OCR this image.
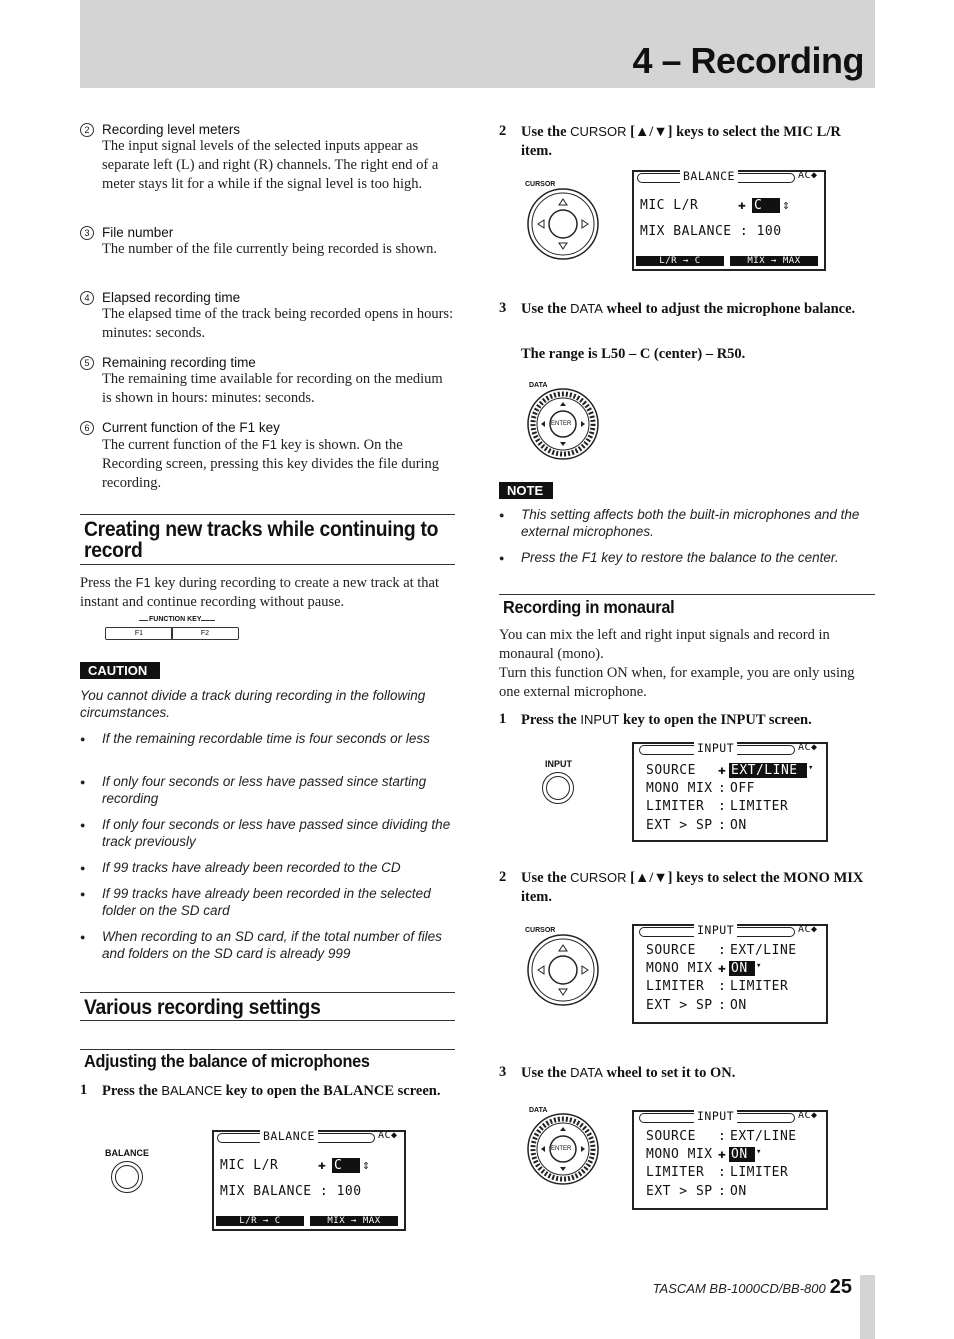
4 – Recording
2 Recording level meters
The input signal levels of the selected inputs appear as separate left (L) and right (R) channels. The right end of a meter stays lit for a while if the signal level is too high.
3 File number
The number of the file currently being recorded is shown.
4 Elapsed recording time
The elapsed time of the track being recorded opens in hours: minutes: seconds.
5 Remaining recording time
The remaining time available for recording on the medium is shown in hours: minutes: seconds.
6 Current function of the F1 key
The current function of the F1 key is shown. On the Recording screen, pressing this key divides the file during recording.
Creating new tracks while continuing to record
Press the F1 key during recording to create a new track at that instant and continue recording without pause.
FUNCTION KEY
F1	F2
CAUTION
You cannot divide a track during recording in the following circumstances.
● If the remaining recordable time is four seconds or less
● If only four seconds or less have passed since starting recording
● If only four seconds or less have passed since dividing the track previously
● If 99 tracks have already been recorded to the CD
● If 99 tracks have already been recorded in the selected folder on the SD card
● When recording to an SD card, if the total number of files and folders on the SD card is already 999
Various recording settings
Adjusting the balance of microphones
1 Press the BALANCE key to open the BALANCE screen.
BALANCE
BALANCE	AC◆
MIC L/R	✚ C	⇕
MIX BALANCE : 100
L/R → C	MIX → MAX
2 Use the CURSOR [▲/▼] keys to select the MIC L/R item.
CURSOR
BALANCE	AC◆
MIC L/R	✚ C	⇕
MIX BALANCE : 100
L/R → C	MIX → MAX
3 Use the DATA wheel to adjust the microphone balance.
The range is L50 – C (center) – R50.
DATA
ENTER
NOTE
● This setting affects both the built-in microphones and the external microphones.
● Press the F1 key to restore the balance to the center.
Recording in monaural
You can mix the left and right input signals and record in monaural (mono).
Turn this function ON when, for example, you are only using one external microphone.
1 Press the INPUT key to open the INPUT screen.
INPUT
INPUT	AC◆
SOURCE ✚ EXT/LINE	▾
MONO MIX : OFF
LIMITER : LIMITER
EXT > SP : ON
2 Use the CURSOR [▲/▼] keys to select the MONO MIX item.
CURSOR	INPUT	AC◆
SOURCE : EXT/LINE
MONO MIX ✚ ON ▾
LIMITER : LIMITER
EXT > SP : ON
3 Use the DATA wheel to set it to ON.
DATA
ENTER
INPUT	AC◆
SOURCE : EXT/LINE
MONO MIX ✚ ON ▾
LIMITER : LIMITER
EXT > SP : ON
TASCAM BB-1000CD/BB-800 25
